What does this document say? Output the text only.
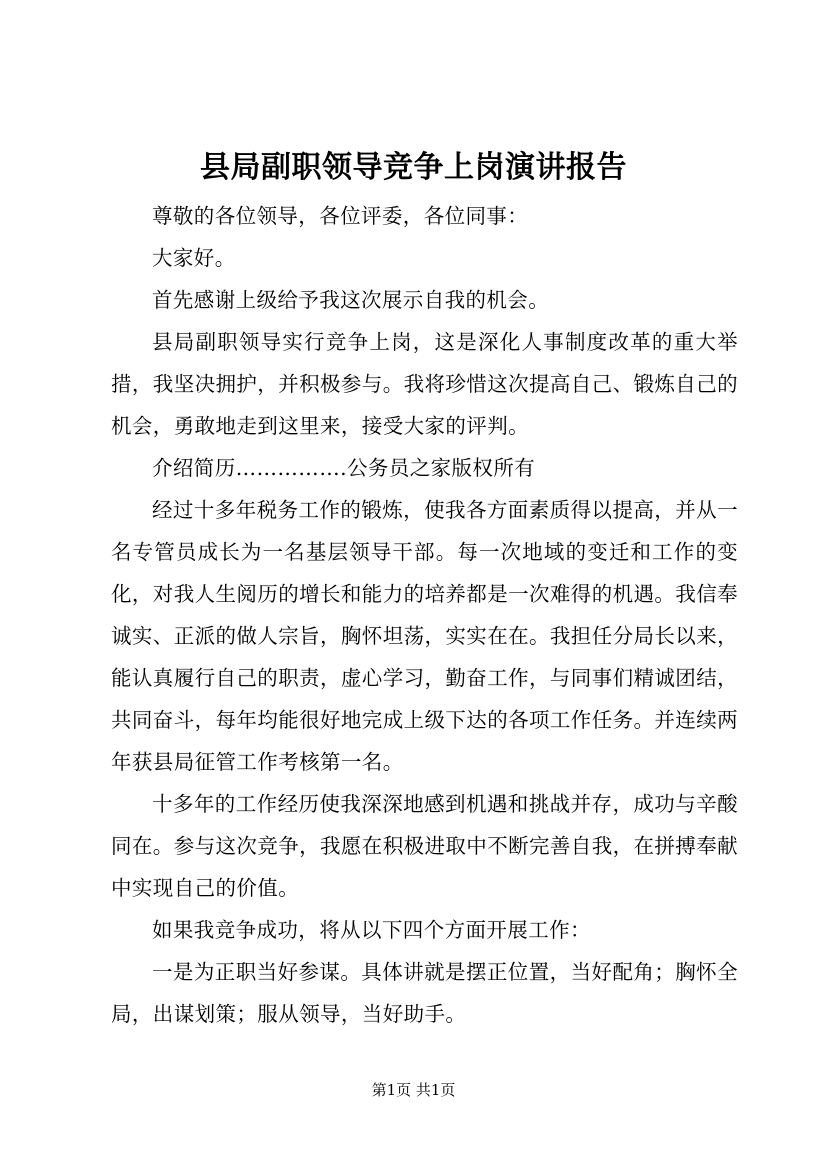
县局副职领导竞争上岗演讲报告

尊敬的各位领导，各位评委，各位同事：

大家好。

首先感谢上级给予我这次展示自我的机会。

县局副职领导实行竞争上岗，这是深化人事制度改革的重大举措，我坚决拥护，并积极参与。我将珍惜这次提高自己、锻炼自己的机会，勇敢地走到这里来，接受大家的评判。

介绍简历…………….公务员之家版权所有

经过十多年税务工作的锻炼，使我各方面素质得以提高，并从一名专管员成长为一名基层领导干部。每一次地域的变迁和工作的变化，对我人生阅历的增长和能力的培养都是一次难得的机遇。我信奉诚实、正派的做人宗旨，胸怀坦荡，实实在在。我担任分局长以来，能认真履行自己的职责，虚心学习，勤奋工作，与同事们精诚团结，共同奋斗，每年均能很好地完成上级下达的各项工作任务。并连续两年获县局征管工作考核第一名。

十多年的工作经历使我深深地感到机遇和挑战并存，成功与辛酸同在。参与这次竞争，我愿在积极进取中不断完善自我，在拼搏奉献中实现自己的价值。

如果我竞争成功，将从以下四个方面开展工作：

一是为正职当好参谋。具体讲就是摆正位置，当好配角；胸怀全局，出谋划策；服从领导，当好助手。

第1页 共1页
